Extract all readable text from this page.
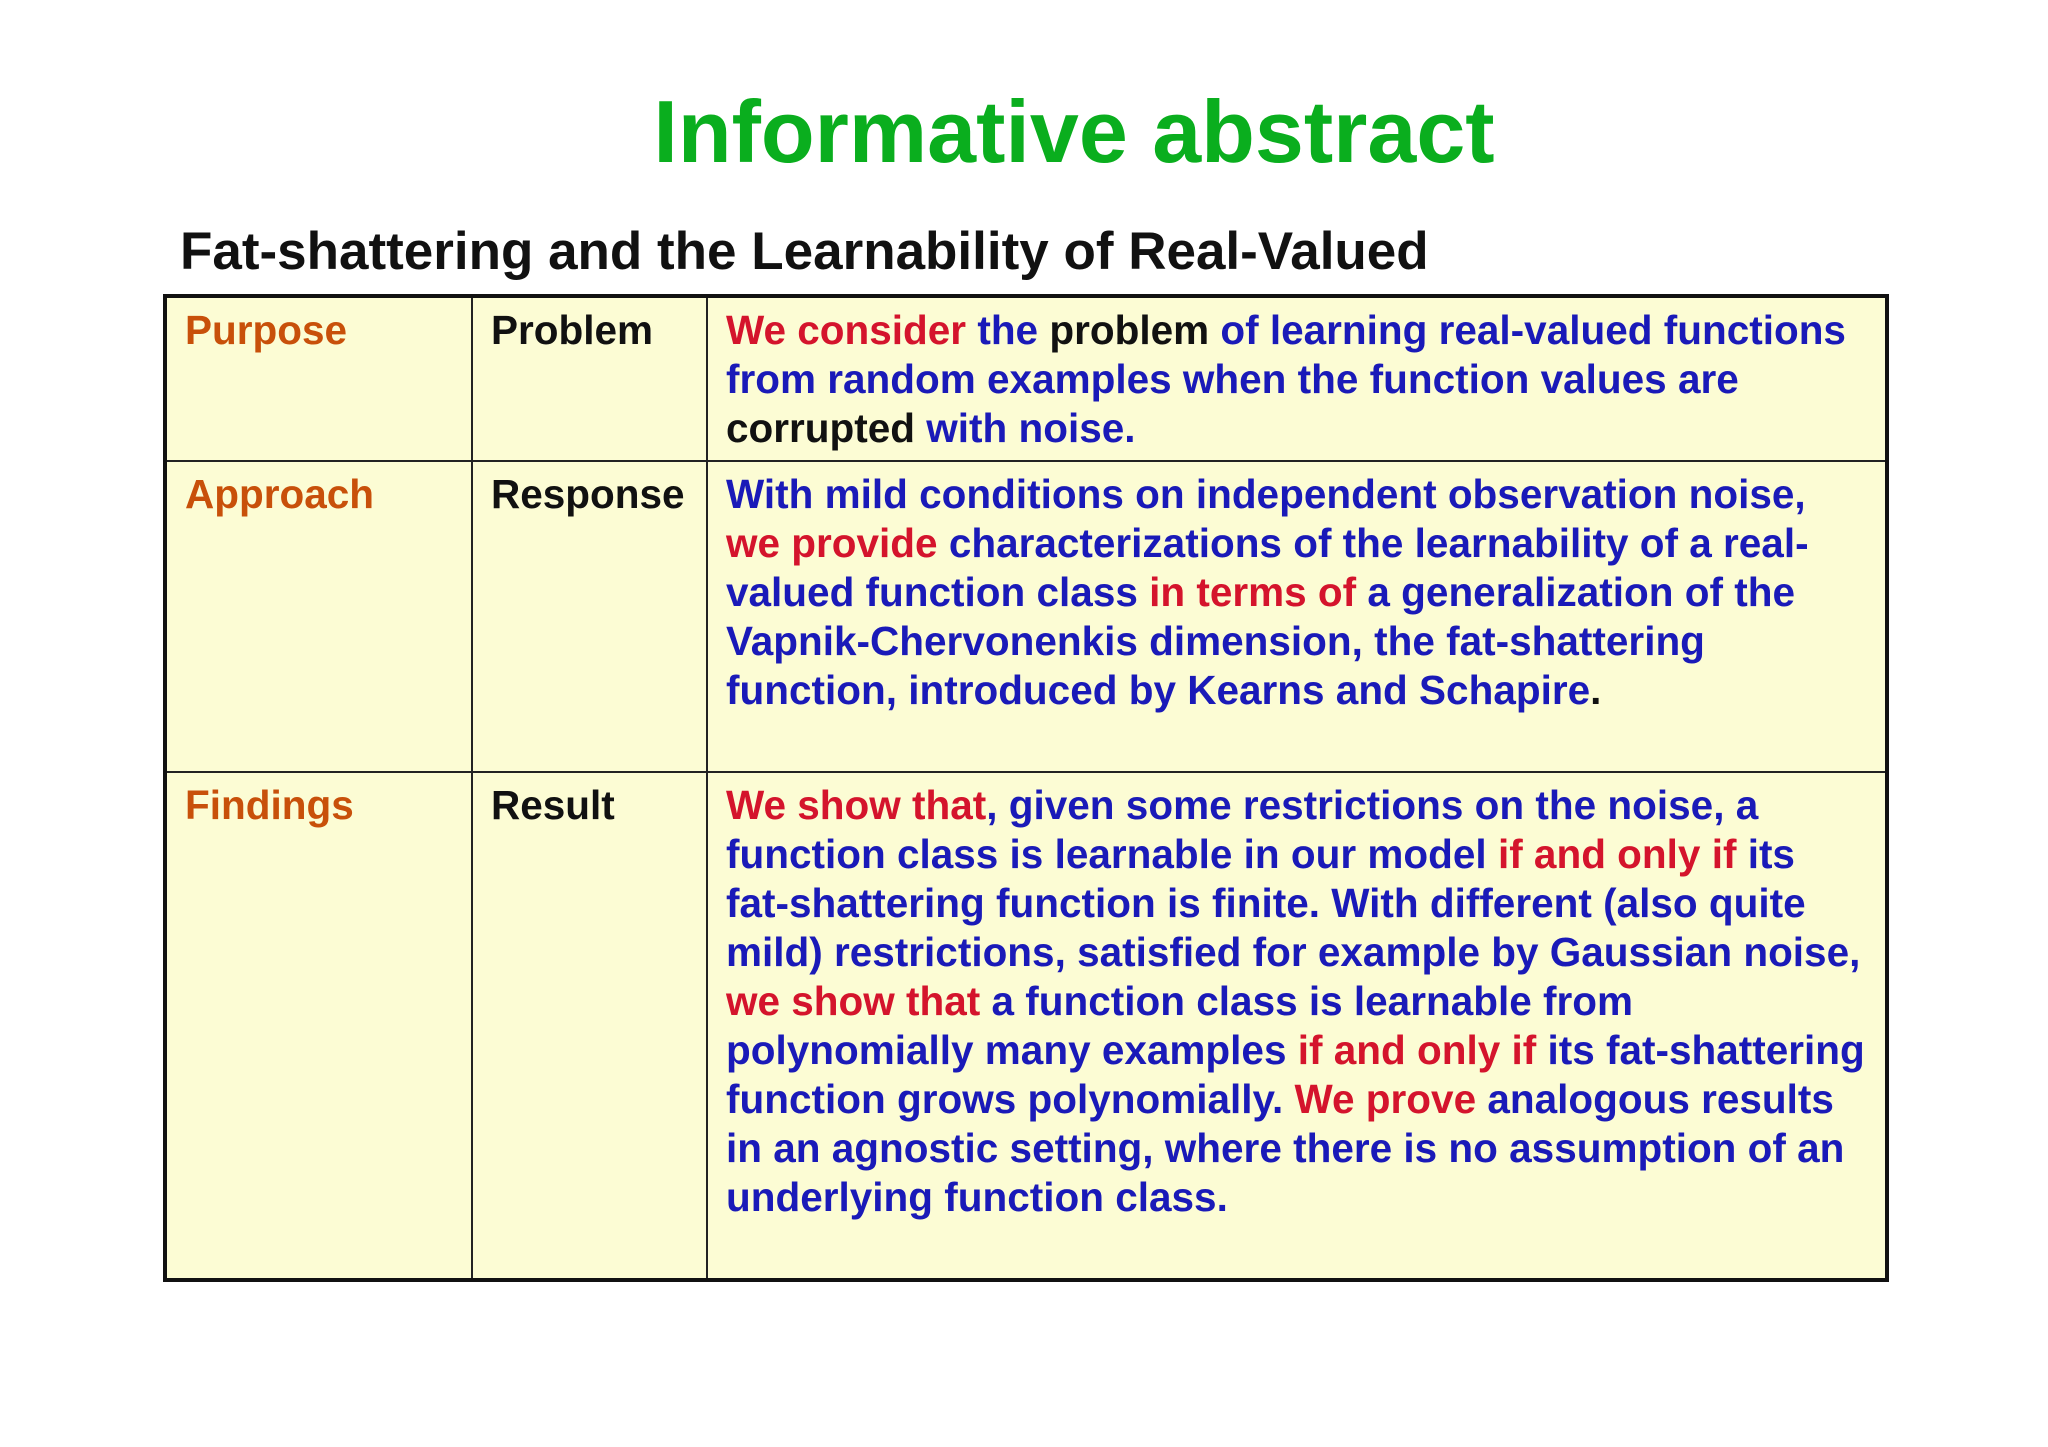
Informative abstract
Fat-shattering and the Learnability of Real-Valued
Purpose	Problem	We consider the problem of learning real-valued functions from random examples when the function values are corrupted with noise.
Approach	Response	With mild conditions on independent observation noise, we provide characterizations of the learnability of a real-valued function class in terms of a generalization of the Vapnik-Chervonenkis dimension, the fat-shattering function, introduced by Kearns and Schapire.
Findings	Result	We show that, given some restrictions on the noise, a function class is learnable in our model if and only if its fat-shattering function is finite. With different (also quite mild) restrictions, satisfied for example by Gaussian noise, we show that a function class is learnable from polynomially many examples if and only if its fat-shattering function grows polynomially. We prove analogous results in an agnostic setting, where there is no assumption of an underlying function class.
